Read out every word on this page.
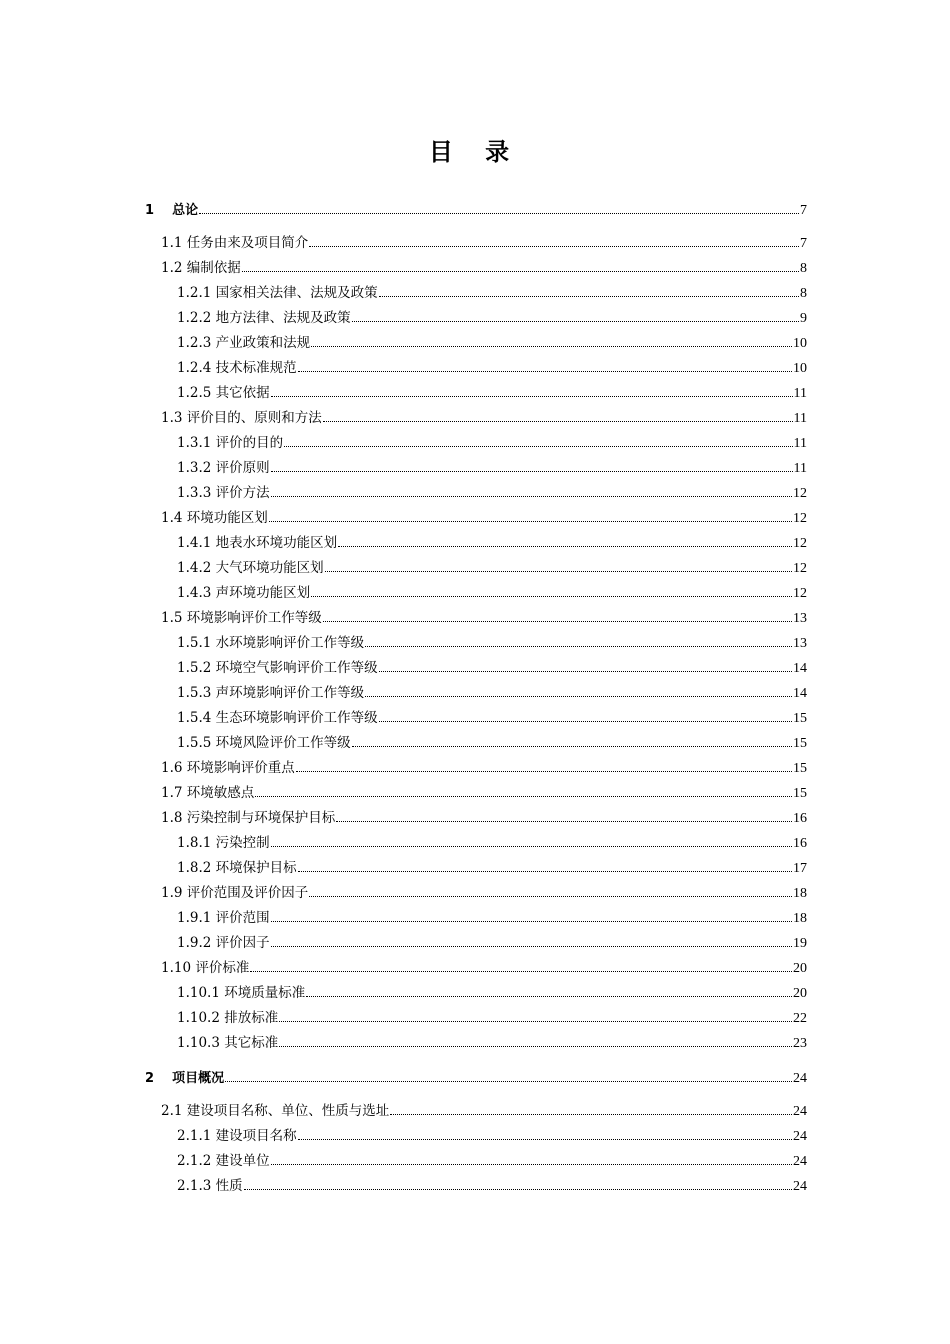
目 录
1 总论	7
1.1 任务由来及项目简介	7
1.2 编制依据	8
1.2.1 国家相关法律、法规及政策	8
1.2.2 地方法律、法规及政策	9
1.2.3 产业政策和法规	10
1.2.4 技术标准规范	10
1.2.5 其它依据	11
1.3 评价目的、原则和方法	11
1.3.1 评价的目的	11
1.3.2 评价原则	11
1.3.3 评价方法	12
1.4 环境功能区划	12
1.4.1 地表水环境功能区划	12
1.4.2 大气环境功能区划	12
1.4.3 声环境功能区划	12
1.5 环境影响评价工作等级	13
1.5.1 水环境影响评价工作等级	13
1.5.2 环境空气影响评价工作等级	14
1.5.3 声环境影响评价工作等级	14
1.5.4 生态环境影响评价工作等级	15
1.5.5 环境风险评价工作等级	15
1.6 环境影响评价重点	15
1.7 环境敏感点	15
1.8 污染控制与环境保护目标	16
1.8.1 污染控制	16
1.8.2 环境保护目标	17
1.9 评价范围及评价因子	18
1.9.1 评价范围	18
1.9.2 评价因子	19
1.10 评价标准	20
1.10.1 环境质量标准	20
1.10.2 排放标准	22
1.10.3 其它标准	23
2 项目概况	24
2.1 建设项目名称、单位、性质与选址	24
2.1.1 建设项目名称	24
2.1.2 建设单位	24
2.1.3 性质	24
